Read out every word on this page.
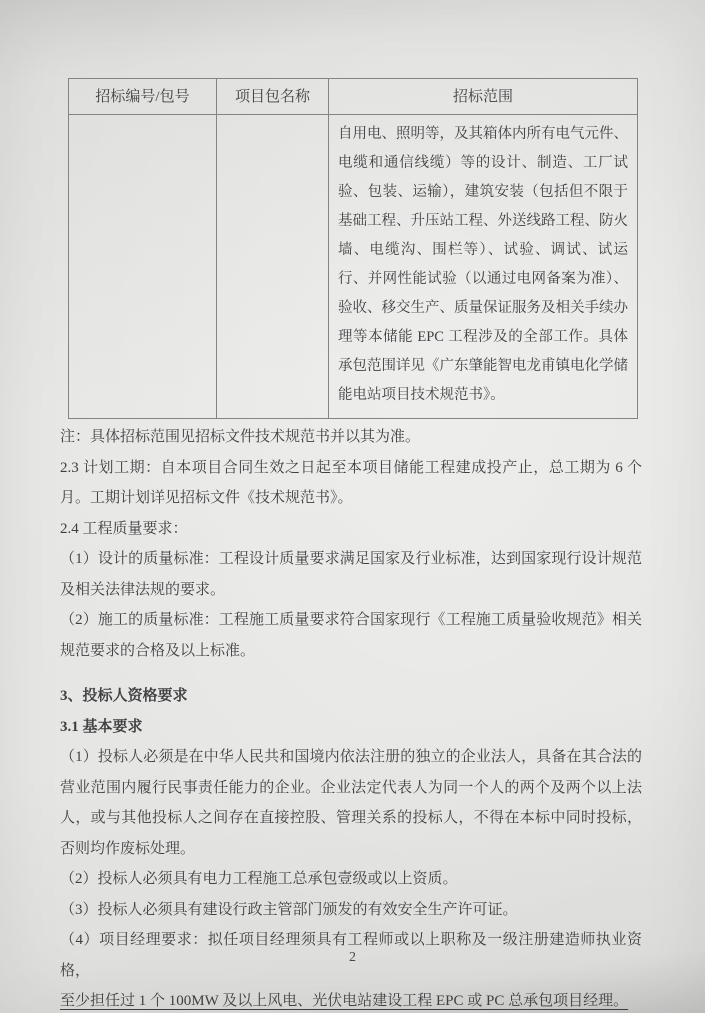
招标编号/包号	项目包名称	招标范围
		自用电、照明等，及其箱体内所有电气元件、电缆和通信线缆）等的设计、制造、工厂试验、包装、运输），建筑安装（包括但不限于基础工程、升压站工程、外送线路工程、防火墙、电缆沟、围栏等）、试验、调试、试运行、并网性能试验（以通过电网备案为准）、验收、移交生产、质量保证服务及相关手续办理等本储能 EPC 工程涉及的全部工作。具体承包范围详见《广东肇能智电龙甫镇电化学储能电站项目技术规范书》。

注：具体招标范围见招标文件技术规范书并以其为准。

2.3 计划工期：自本项目合同生效之日起至本项目储能工程建成投产止，总工期为 6 个月。工期计划详见招标文件《技术规范书》。

2.4 工程质量要求：

（1）设计的质量标准：工程设计质量要求满足国家及行业标准，达到国家现行设计规范及相关法律法规的要求。

（2）施工的质量标准：工程施工质量要求符合国家现行《工程施工质量验收规范》相关规范要求的合格及以上标准。

3、投标人资格要求

3.1 基本要求

（1）投标人必须是在中华人民共和国境内依法注册的独立的企业法人，具备在其合法的营业范围内履行民事责任能力的企业。企业法定代表人为同一个人的两个及两个以上法人，或与其他投标人之间存在直接控股、管理关系的投标人，不得在本标中同时投标，否则均作废标处理。

（2）投标人必须具有电力工程施工总承包壹级或以上资质。

（3）投标人必须具有建设行政主管部门颁发的有效安全生产许可证。

（4）项目经理要求：拟任项目经理须具有工程师或以上职称及一级注册建造师执业资格，
至少担任过 1 个 100MW 及以上风电、光伏电站建设工程 EPC 或 PC 总承包项目经理。

2
